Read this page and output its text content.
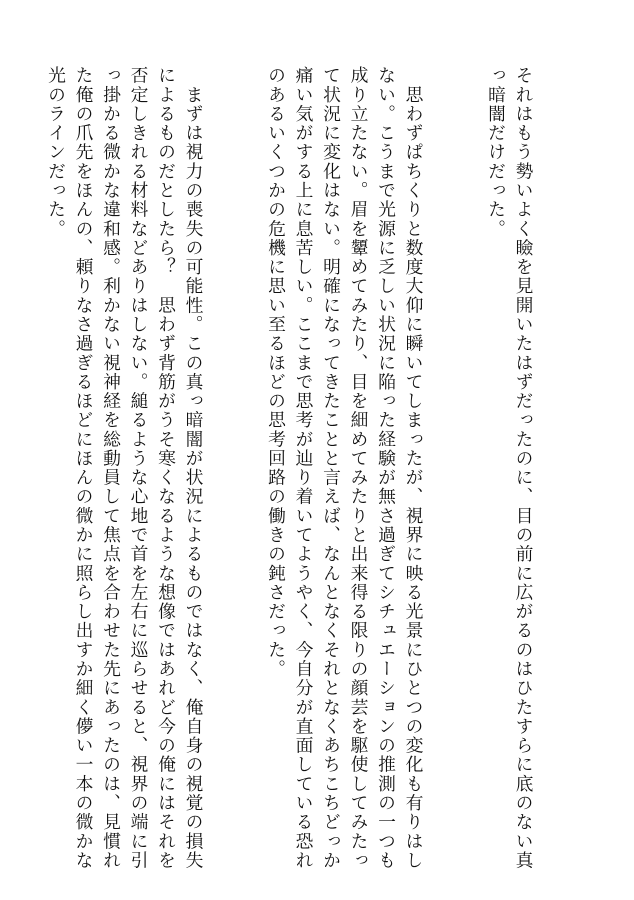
それはもう勢いよく瞼を見開いたはずだったのに、目の前に広がるのはひたすらに底のない真っ暗闇だけだった。

　思わずぱちくりと数度大仰に瞬いてしまったが、視界に映る光景にひとつの変化も有りはしない。こうまで光源に乏しい状況に陥った経験が無さ過ぎてシチュエーションの推測の一つも成り立たない。眉を顰めてみたり、目を細めてみたりと出来得る限りの顔芸を駆使してみたって状況に変化はない。明確になってきたことと言えば、なんとなくそれとなくあちこちどっか痛い気がする上に息苦しい。ここまで思考が辿り着いてようやく、今自分が直面している恐れのあるいくつかの危機に思い至るほどの思考回路の働きの鈍さだった。

　まずは視力の喪失の可能性。この真っ暗闇が状況によるものではなく、俺自身の視覚の損失によるものだとしたら？　思わず背筋がうそ寒くなるような想像ではあれど今の俺にはそれを否定しきれる材料などありはしない。縋るような心地で首を左右に巡らせると、視界の端に引っ掛かる微かな違和感。利かない視神経を総動員して焦点を合わせた先にあったのは、見慣れた俺の爪先をほんの、頼りなさ過ぎるほどにほんの微かに照らし出すか細く儚い一本の微かな光のラインだった。
